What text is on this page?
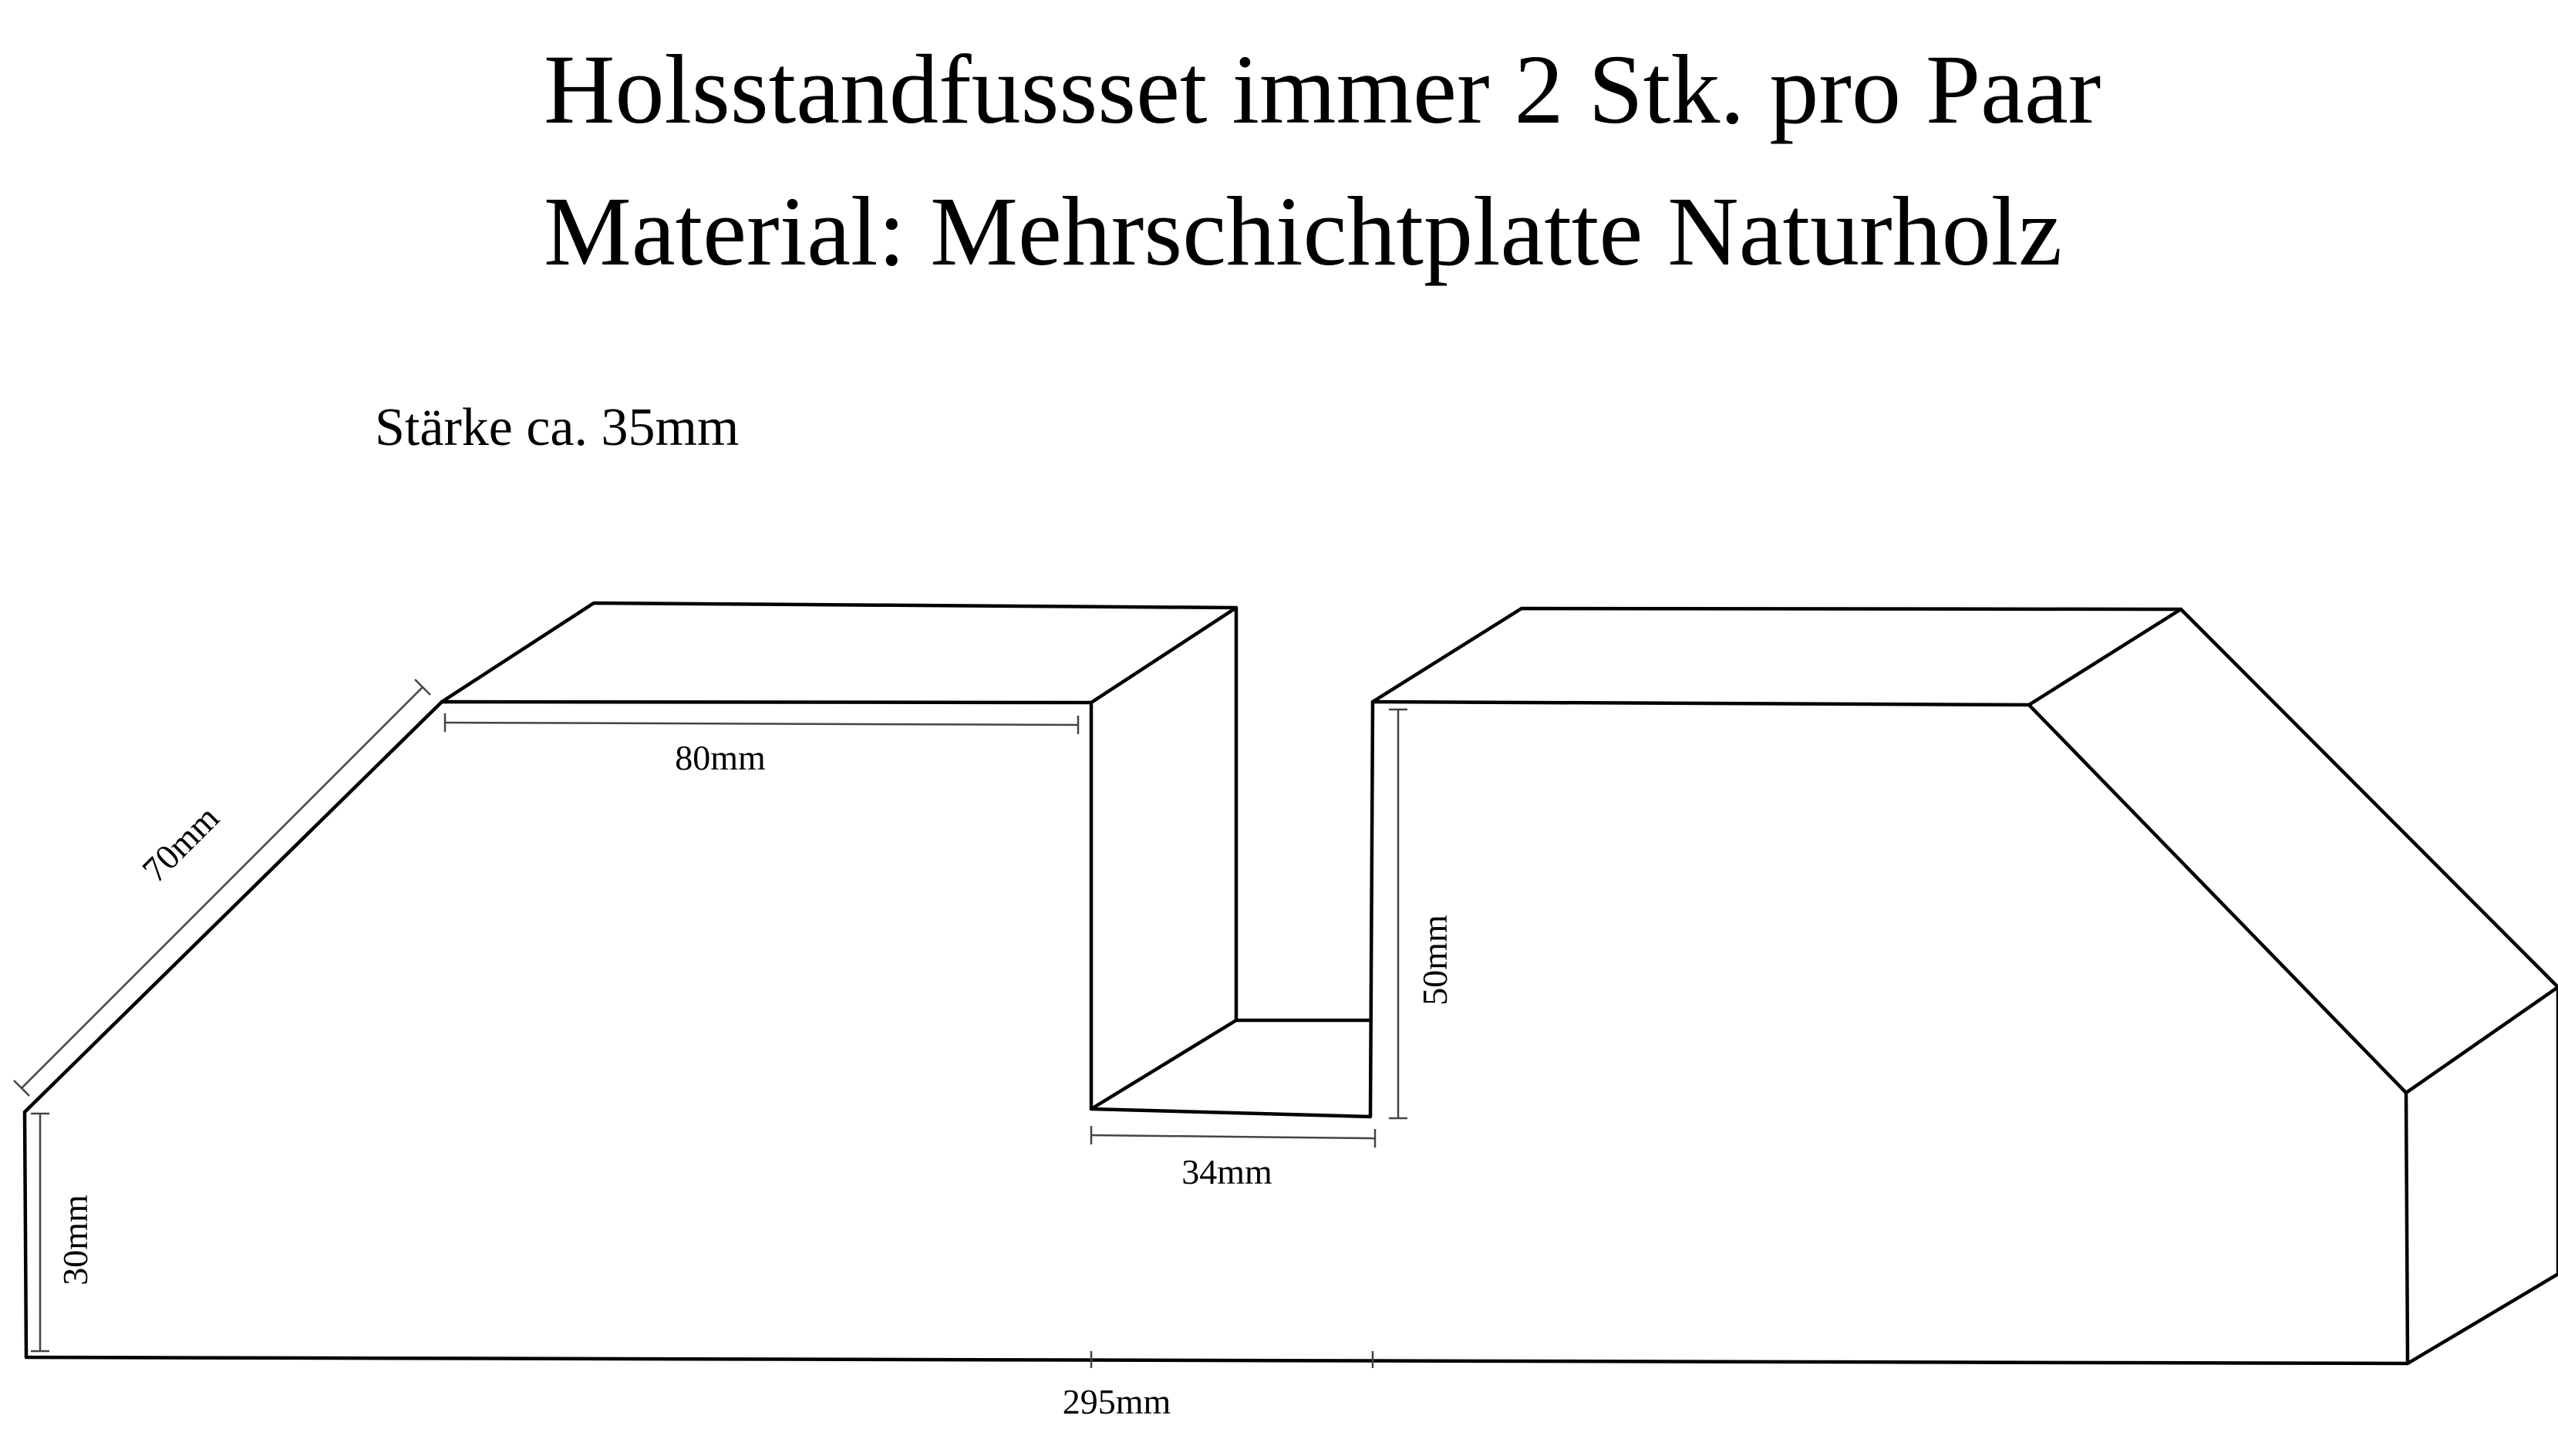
Holsstandfussset immer 2 Stk. pro Paar
Material: Mehrschichtplatte Naturholz
Stärke ca. 35mm
70mm
80mm
50mm
34mm
30mm
295mm
